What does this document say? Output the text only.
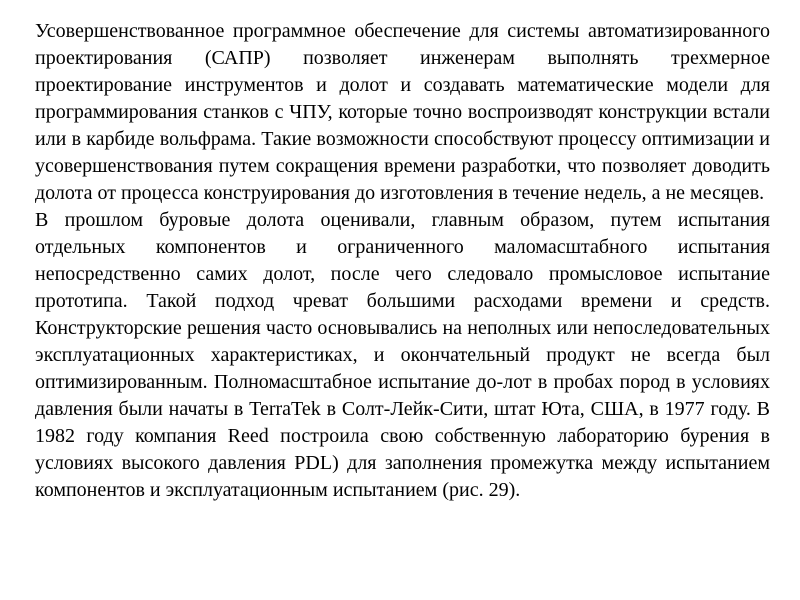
Усовершенствованное программное обеспечение для системы автоматизированного проектирования (САПР) позволяет инженерам выполнять трехмерное проектирование инструментов и долот и создавать математические модели для программирования станков с ЧПУ, которые точно воспроизводят конструкции встали или в карбиде вольфрама. Такие возможности способствуют процессу оптимизации и усовершенствования путем сокращения времени разработки, что позволяет доводить долота от процесса конструирования до изготовления в течение недель, а не месяцев.

В прошлом буровые долота оценивали, главным образом, путем испытания отдельных компонентов и ограниченного маломасштабного испытания непосредственно самих долот, после чего следовало промысловое испытание прототипа. Такой подход чреват большими расходами времени и средств. Конструкторские решения часто основывались на неполных или непоследовательных эксплуатационных характеристиках, и окончательный продукт не всегда был оптимизированным. Полномасштабное испытание до-лот в пробах пород в условиях давления были начаты в TerraTek в Солт-Лейк-Сити, штат Юта, США, в 1977 году. В 1982 году компания Reed построила свою собственную лабораторию бурения в условиях высокого давления PDL) для заполнения промежутка между испытанием компонентов и эксплуатационным испытанием (рис. 29).
